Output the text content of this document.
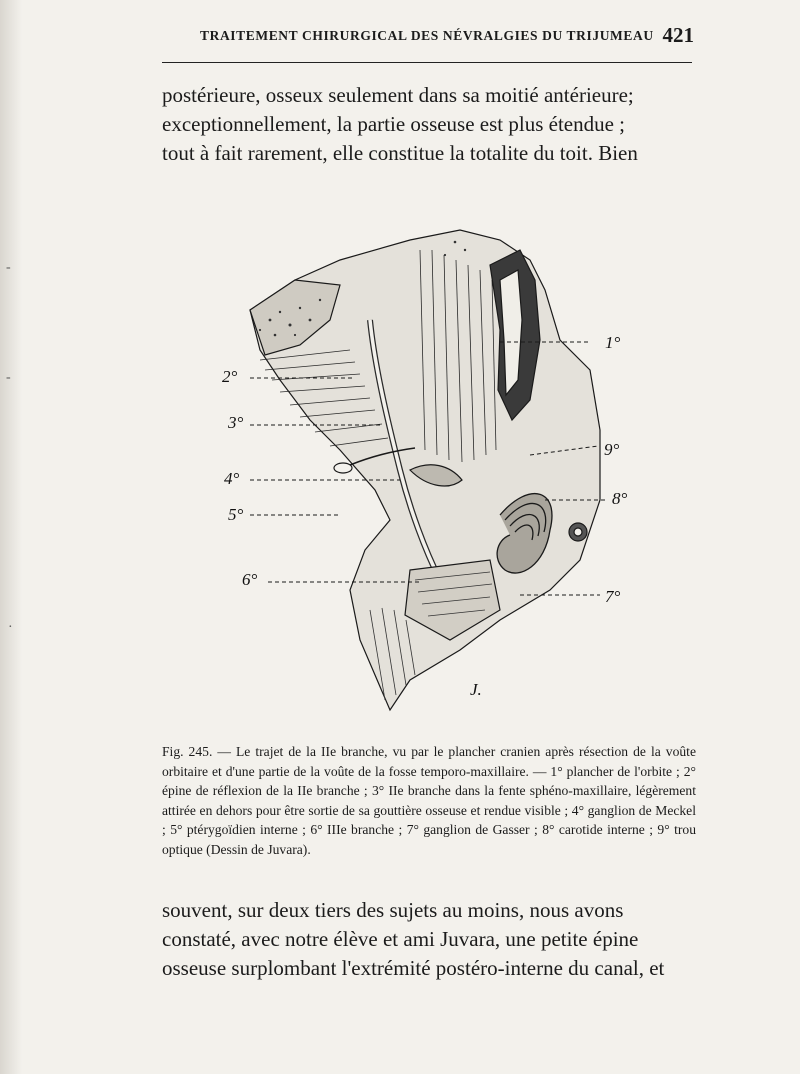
-
-
·
TRAITEMENT CHIRURGICAL DES NÉVRALGIES DU TRIJUMEAU 421

postérieure, osseux seulement dans sa moitié antérieure;

exceptionnellement, la partie osseuse est plus étendue ;

tout à fait rarement, elle constitue la totalite du toit. Bien

2°
3°
4°
5°
6°
1°
9°
8°
7°
J.
Fig. 245. — Le trajet de la IIe branche, vu par le plancher cranien après résection de la voûte orbitaire et d'une partie de la voûte de la fosse temporo-maxillaire. — 1° plancher de l'orbite ; 2° épine de réflexion de la IIe branche ; 3° IIe branche dans la fente sphéno-maxillaire, légèrement attirée en dehors pour être sortie de sa gouttière osseuse et rendue visible ; 4° ganglion de Meckel ; 5° ptérygoïdien interne ; 6° IIIe branche ; 7° ganglion de Gasser ; 8° carotide interne ; 9° trou optique (Dessin de Juvara).

souvent, sur deux tiers des sujets au moins, nous avons

constaté, avec notre élève et ami Juvara, une petite épine

osseuse surplombant l'extrémité postéro-interne du canal, et
